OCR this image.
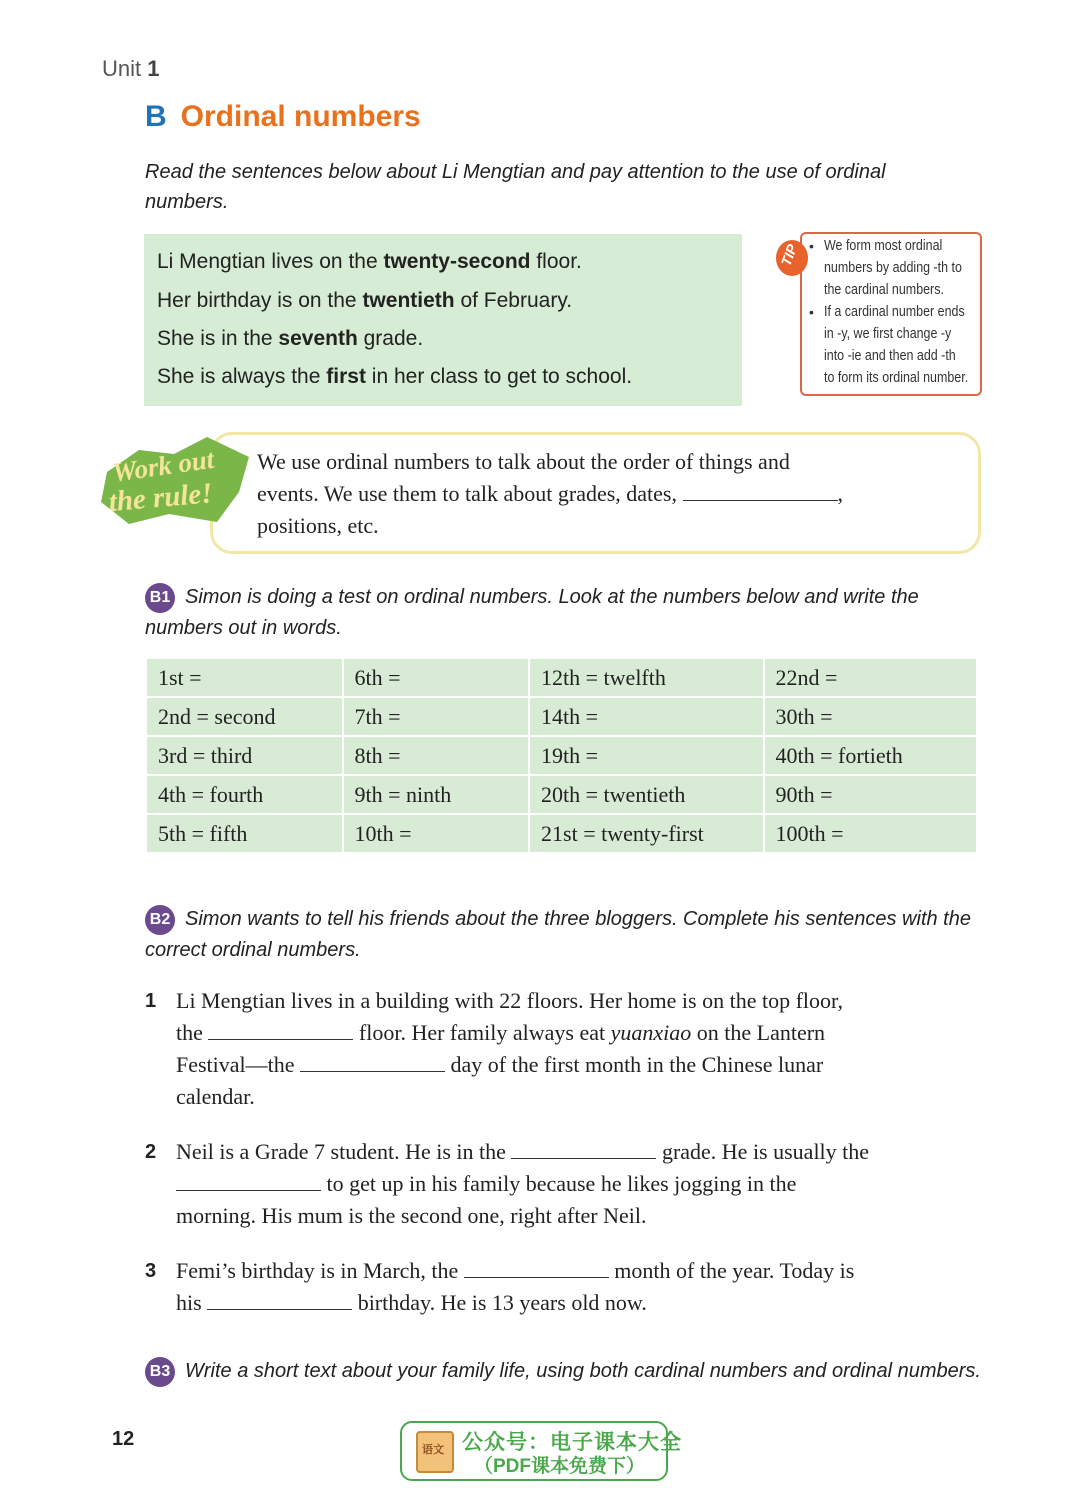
Unit 1
B Ordinal numbers
Read the sentences below about Li Mengtian and pay attention to the use of ordinal numbers.
Li Mengtian lives on the twenty-second floor.
Her birthday is on the twentieth of February.
She is in the seventh grade.
She is always the first in her class to get to school.
• We form most ordinal
numbers by adding -th to
the cardinal numbers.
• If a cardinal number ends
in -y, we first change -y
into -ie and then add -th
to form its ordinal number.
TIP
Work out
the rule!
We use ordinal numbers to talk about the order of things and
events. We use them to talk about grades, dates,	,
positions, etc.
B1 Simon is doing a test on ordinal numbers. Look at the numbers below and write the numbers out in words.
1st =	6th =	12th = twelfth	22nd =
2nd = second	7th =	14th =	30th =
3rd = third	8th =	19th =	40th = fortieth
4th = fourth	9th = ninth	20th = twentieth	90th =
5th = fifth	10th =	21st = twenty-first	100th =
B2 Simon wants to tell his friends about the three bloggers. Complete his sentences with the correct ordinal numbers.
1 Li Mengtian lives in a building with 22 floors. Her home is on the top floor,
the	floor. Her family always eat yuanxiao on the Lantern
Festival—the	day of the first month in the Chinese lunar
calendar.
2 Neil is a Grade 7 student. He is in the	grade. He is usually the
to get up in his family because he likes jogging in the
morning. His mum is the second one, right after Neil.
3 Femi’s birthday is in March, the	month of the year. Today is
his	birthday. He is 13 years old now.
B3 Write a short text about your family life, using both cardinal numbers and ordinal numbers.
12	语文 公众号：电子课本大全
（PDF课本免费下）
